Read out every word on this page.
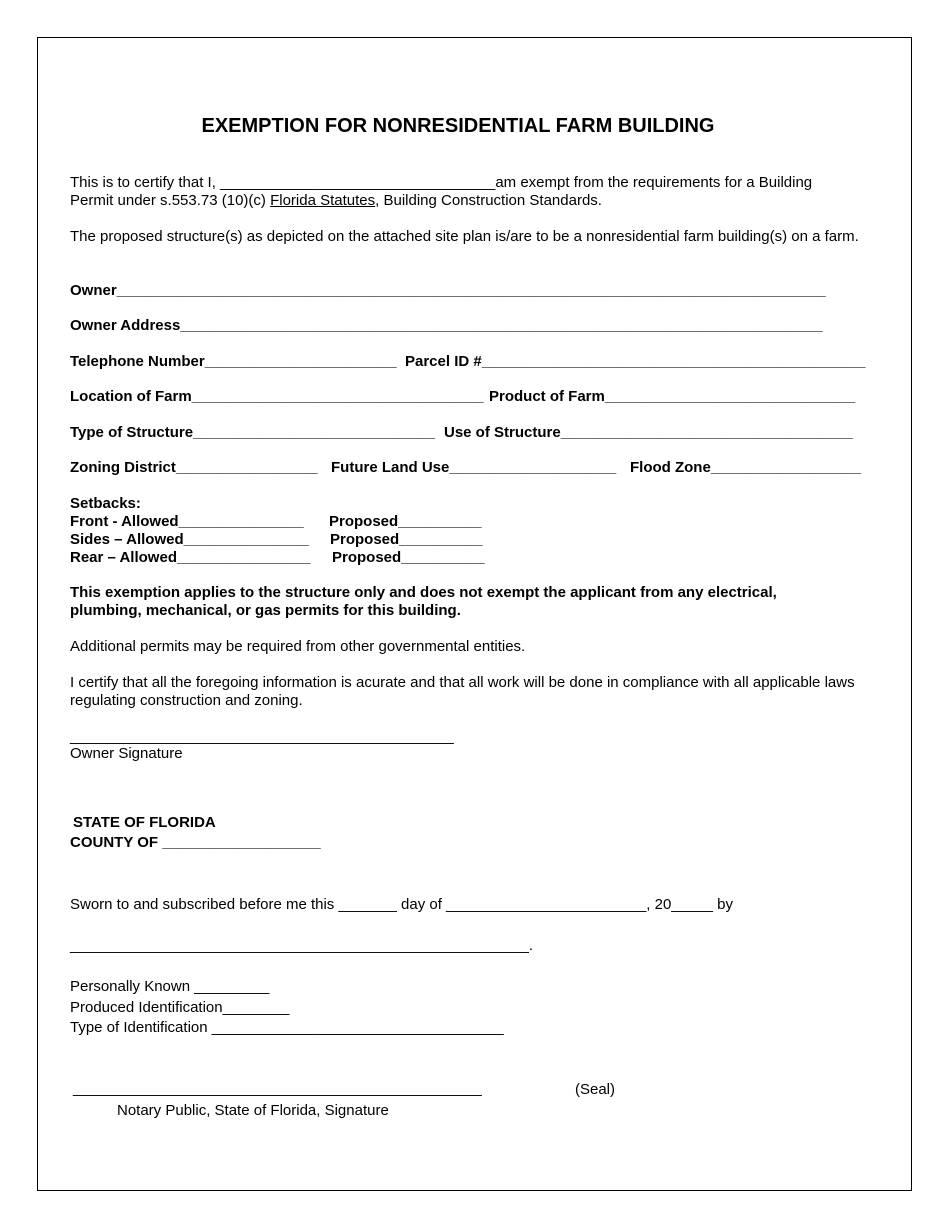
EXEMPTION FOR NONRESIDENTIAL FARM BUILDING
This is to certify that I, _________________________________am exempt from the requirements for a Building
Permit under s.553.73 (10)(c) Florida Statutes, Building Construction Standards.
The proposed structure(s) as depicted on the attached site plan is/are to be a nonresidential farm building(s) on a farm.
Owner_____________________________________________________________________________________
Owner Address_____________________________________________________________________________
Telephone Number_______________________ Parcel ID #______________________________________________
Location of Farm___________________________________ Product of Farm______________________________
Type of Structure_____________________________ Use of Structure___________________________________
Zoning District_________________ Future Land Use____________________ Flood Zone__________________
Setbacks:
Front - Allowed_______________ Proposed__________
Sides – Allowed_______________ Proposed__________
Rear – Allowed________________ Proposed__________
This exemption applies to the structure only and does not exempt the applicant from any electrical, plumbing, mechanical, or gas permits for this building.
Additional permits may be required from other governmental entities.
I certify that all the foregoing information is acurate and that all work will be done in compliance with all applicable laws regulating construction and zoning.
______________________________________________
Owner Signature
STATE OF FLORIDA
COUNTY OF ___________________
Sworn to and subscribed before me this _______ day of ________________________, 20_____ by
_______________________________________________________.
Personally Known _________
Produced Identification________
Type of Identification ___________________________________
_________________________________________________	(Seal)
Notary Public, State of Florida, Signature
